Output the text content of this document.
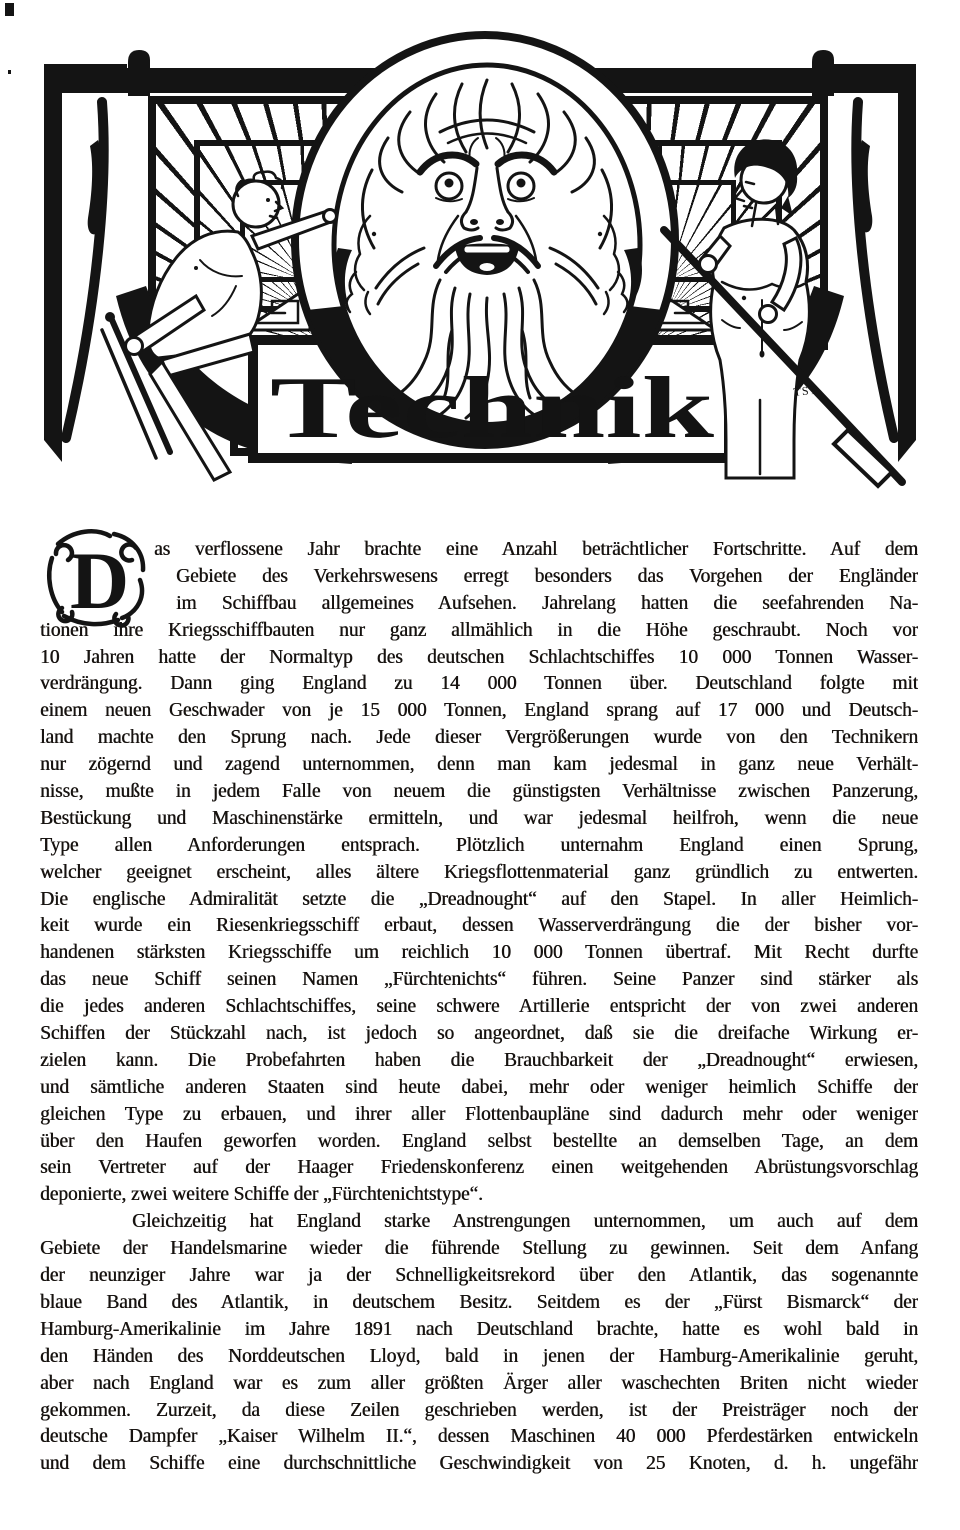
TST
Technik
D	as verflossene Jahr brachte eine Anzahl beträchtlicher Fortschritte. Auf dem
Gebiete des Verkehrswesens erregt besonders das Vorgehen der Engländer
im Schiffbau allgemeines Aufsehen. Jahrelang hatten die seefahrenden Na-
tionen ihre Kriegsschiffbauten nur ganz allmählich in die Höhe geschraubt. Noch vor
10 Jahren hatte der Normaltyp des deutschen Schlachtschiffes 10 000 Tonnen Wasser-
verdrängung. Dann ging England zu 14 000 Tonnen über. Deutschland folgte mit
einem neuen Geschwader von je 15 000 Tonnen, England sprang auf 17 000 und Deutsch-
land machte den Sprung nach. Jede dieser Vergrößerungen wurde von den Technikern
nur zögernd und zagend unternommen, denn man kam jedesmal in ganz neue Verhält-
nisse, mußte in jedem Falle von neuem die günstigsten Verhältnisse zwischen Panzerung,
Bestückung und Maschinenstärke ermitteln, und war jedesmal heilfroh, wenn die neue
Type allen Anforderungen entsprach. Plötzlich unternahm England einen Sprung,
welcher geeignet erscheint, alles ältere Kriegsflottenmaterial ganz gründlich zu entwerten.
Die englische Admiralität setzte die „Dreadnought“ auf den Stapel. In aller Heimlich-
keit wurde ein Riesenkriegsschiff erbaut, dessen Wasserverdrängung die der bisher vor-
handenen stärksten Kriegsschiffe um reichlich 10 000 Tonnen übertraf. Mit Recht durfte
das neue Schiff seinen Namen „Fürchtenichts“ führen. Seine Panzer sind stärker als
die jedes anderen Schlachtschiffes, seine schwere Artillerie entspricht der von zwei anderen
Schiffen der Stückzahl nach, ist jedoch so angeordnet, daß sie die dreifache Wirkung er-
zielen kann. Die Probefahrten haben die Brauchbarkeit der „Dreadnought“ erwiesen,
und sämtliche anderen Staaten sind heute dabei, mehr oder weniger heimlich Schiffe der
gleichen Type zu erbauen, und ihrer aller Flottenbaupläne sind dadurch mehr oder weniger
über den Haufen geworfen worden. England selbst bestellte an demselben Tage, an dem
sein Vertreter auf der Haager Friedenskonferenz einen weitgehenden Abrüstungsvorschlag
deponierte, zwei weitere Schiffe der „Fürchtenichtstype“.
Gleichzeitig hat England starke Anstrengungen unternommen, um auch auf dem
Gebiete der Handelsmarine wieder die führende Stellung zu gewinnen. Seit dem Anfang
der neunziger Jahre war ja der Schnelligkeitsrekord über den Atlantik, das sogenannte
blaue Band des Atlantik, in deutschem Besitz. Seitdem es der „Fürst Bismarck“ der
Hamburg-Amerikalinie im Jahre 1891 nach Deutschland brachte, hatte es wohl bald in
den Händen des Norddeutschen Lloyd, bald in jenen der Hamburg-Amerikalinie geruht,
aber nach England war es zum aller größten Ärger aller waschechten Briten nicht wieder
gekommen. Zurzeit, da diese Zeilen geschrieben werden, ist der Preisträger noch der
deutsche Dampfer „Kaiser Wilhelm II.“, dessen Maschinen 40 000 Pferdestärken entwickeln
und dem Schiffe eine durchschnittliche Geschwindigkeit von 25 Knoten, d. h. ungefähr
